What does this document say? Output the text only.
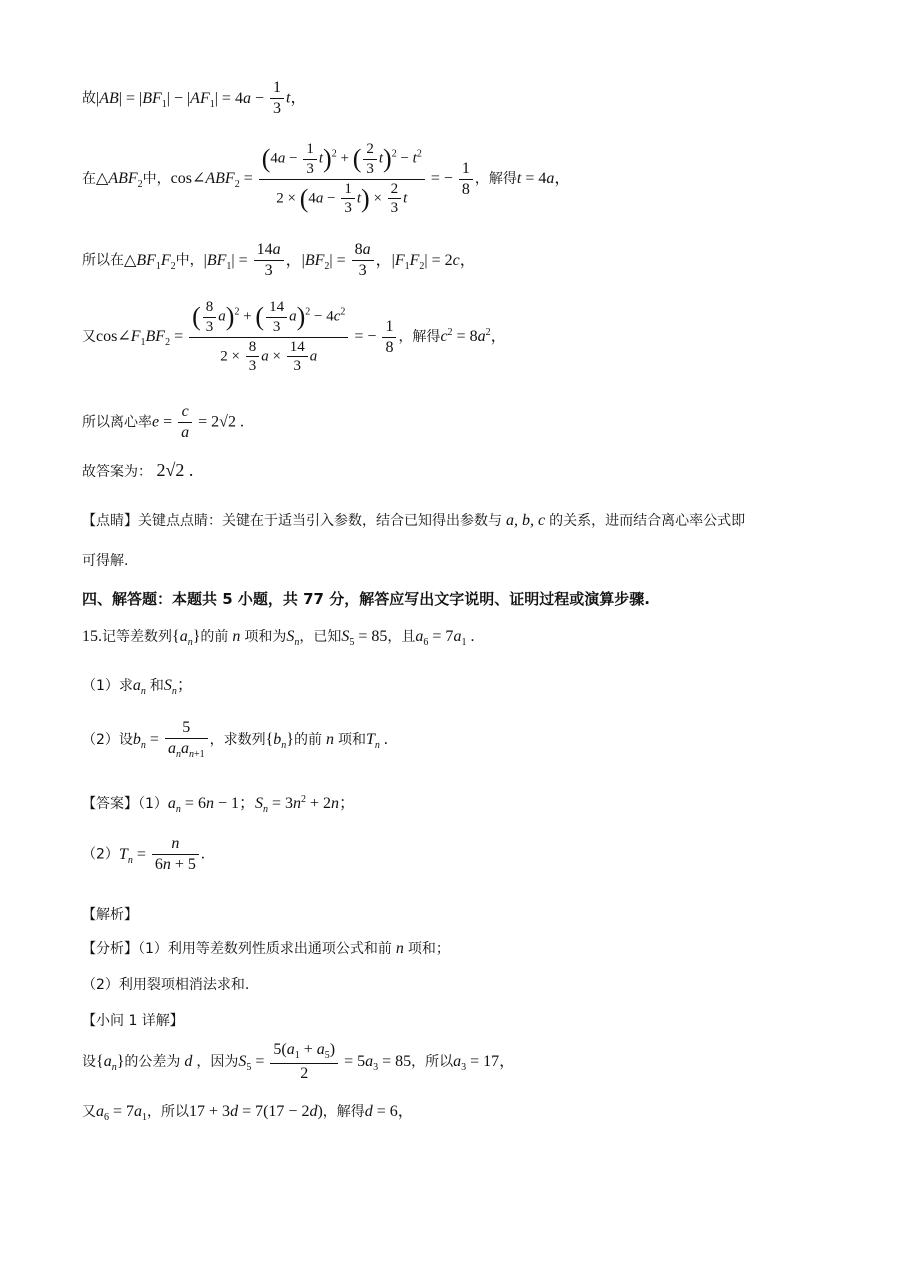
故$|AB| = |BF_1| - |AF_1| = 4a - \frac{1}{3}$ t，
在$\triangle ABF_2$中，$\cos\angle ABF_2 = \frac{(4a - \frac{1}{3} t)^2 + ( \frac{2}{3} t)^2 - t^2}{2 \times (4a - \frac{1}{3} t) \times \frac{2}{3} t}$ = − $\frac{1}{8}$ ，解得t = 4a，
所以在$\triangle BF_1F_2$中，$|BF_1| = \frac{14a}{3}$ ，$|BF_2| = \frac{8a}{3}$ ，$|F_1F_2| = 2c$，
又$\cos\angle F_1BF_2 = \frac{( \frac{8}{3} a)^2 + ( \frac{14}{3} a)^2 - 4c^2}{2 \times \frac{8}{3} a \times \frac{14}{3} a}$ = − $\frac{1}{8}$ ，解得$c^2 = 8a^2$，
所以离心率$e = \frac{c}{a} = 2√2$ .
故答案为： 2√2 .
【点睛】关键点点睛：关键在于适当引入参数，结合已知得出参数与 a, b, c 的关系，进而结合离心率公式即
可得解.
四、解答题：本题共 5 小题，共 77 分，解答应写出文字说明、证明过程或演算步骤.
15.记等差数列$\{a_n\}$的前 n 项和为$S_n$，已知$S_5 = 85$，且$a_6 = 7a_1$ .
（1）求$a_n$ 和$S_n$；
（2）设$b_n = \frac{5}{a_na_{n+1}}$ ，求数列$\{b_n\}$的前 n 项和$T_n$ .
【答案】$(1)a_n = 6n - 1$；$S_n = 3n^2 + 2n$；
$(2)T_n = \frac{n}{6n + 5}$ .
【解析】
【分析】（1）利用等差数列性质求出通项公式和前 n 项和；
（2）利用裂项相消法求和.
【小问 1 详解】
设$\{a_n\}$的公差为 d ，因为$S_5 = \frac{5(a_1 + a_5)}{2} = 5a_3 = 85$，所以$a_3 = 17$，
又$a_6 = 7a_1$，所以17 + 3d = 7(17 − 2d)，解得d = 6，
